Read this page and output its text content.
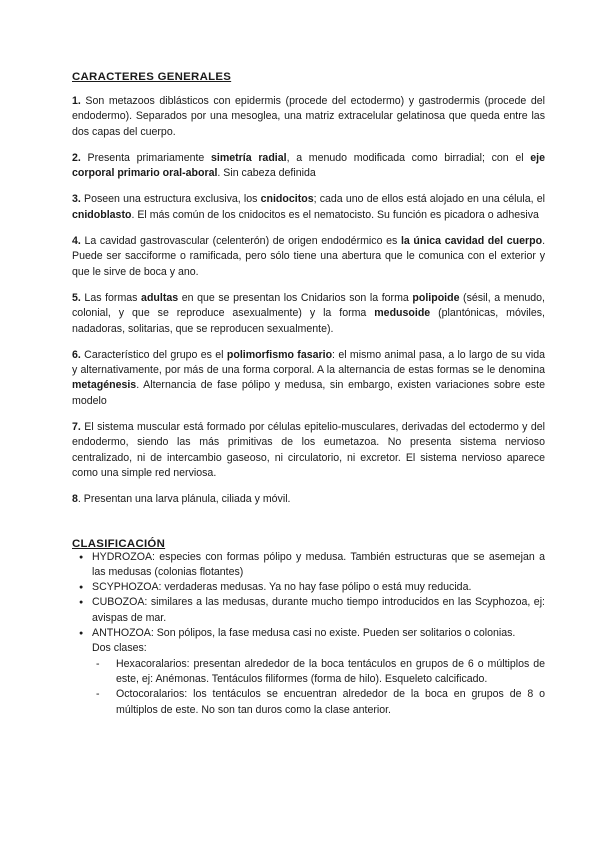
CARACTERES GENERALES

1. Son metazoos diblásticos con epidermis (procede del ectodermo) y gastrodermis (procede del endodermo). Separados por una mesoglea, una matriz extracelular gelatinosa que queda entre las dos capas del cuerpo.

2. Presenta primariamente simetría radial, a menudo modificada como birradial; con el eje corporal primario oral-aboral. Sin cabeza definida

3. Poseen una estructura exclusiva, los cnidocitos; cada uno de ellos está alojado en una célula, el cnidoblasto. El más común de los cnidocitos es el nematocisto. Su función es picadora o adhesiva

4. La cavidad gastrovascular (celenterón) de origen endodérmico es la única cavidad del cuerpo. Puede ser sacciforme o ramificada, pero sólo tiene una abertura que le comunica con el exterior y que le sirve de boca y ano.

5. Las formas adultas en que se presentan los Cnidarios son la forma polipoide (sésil, a menudo, colonial, y que se reproduce asexualmente) y la forma medusoide (plantónicas, móviles, nadadoras, solitarias, que se reproducen sexualmente).

6. Característico del grupo es el polimorfismo fasario: el mismo animal pasa, a lo largo de su vida y alternativamente, por más de una forma corporal. A la alternancia de estas formas se le denomina metagénesis. Alternancia de fase pólipo y medusa, sin embargo, existen variaciones sobre este modelo

7. El sistema muscular está formado por células epitelio-musculares, derivadas del ectodermo y del endodermo, siendo las más primitivas de los eumetazoa. No presenta sistema nervioso centralizado, ni de intercambio gaseoso, ni circulatorio, ni excretor. El sistema nervioso aparece como una simple red nerviosa.

8. Presentan una larva plánula, ciliada y móvil.

CLASIFICACIÓN
● HYDROZOA: especies con formas pólipo y medusa. También estructuras que se asemejan a las medusas (colonias flotantes)
● SCYPHOZOA: verdaderas medusas. Ya no hay fase pólipo o está muy reducida.
● CUBOZOA: similares a las medusas, durante mucho tiempo introducidos en las Scyphozoa, ej: avispas de mar.
● ANTHOZOA: Son pólipos, la fase medusa casi no existe. Pueden ser solitarios o colonias.
Dos clases:
- Hexacoralarios: presentan alrededor de la boca tentáculos en grupos de 6 o múltiplos de este, ej: Anémonas. Tentáculos filiformes (forma de hilo). Esqueleto calcificado.
- Octocoralarios: los tentáculos se encuentran alrededor de la boca en grupos de 8 o múltiplos de este. No son tan duros como la clase anterior.
